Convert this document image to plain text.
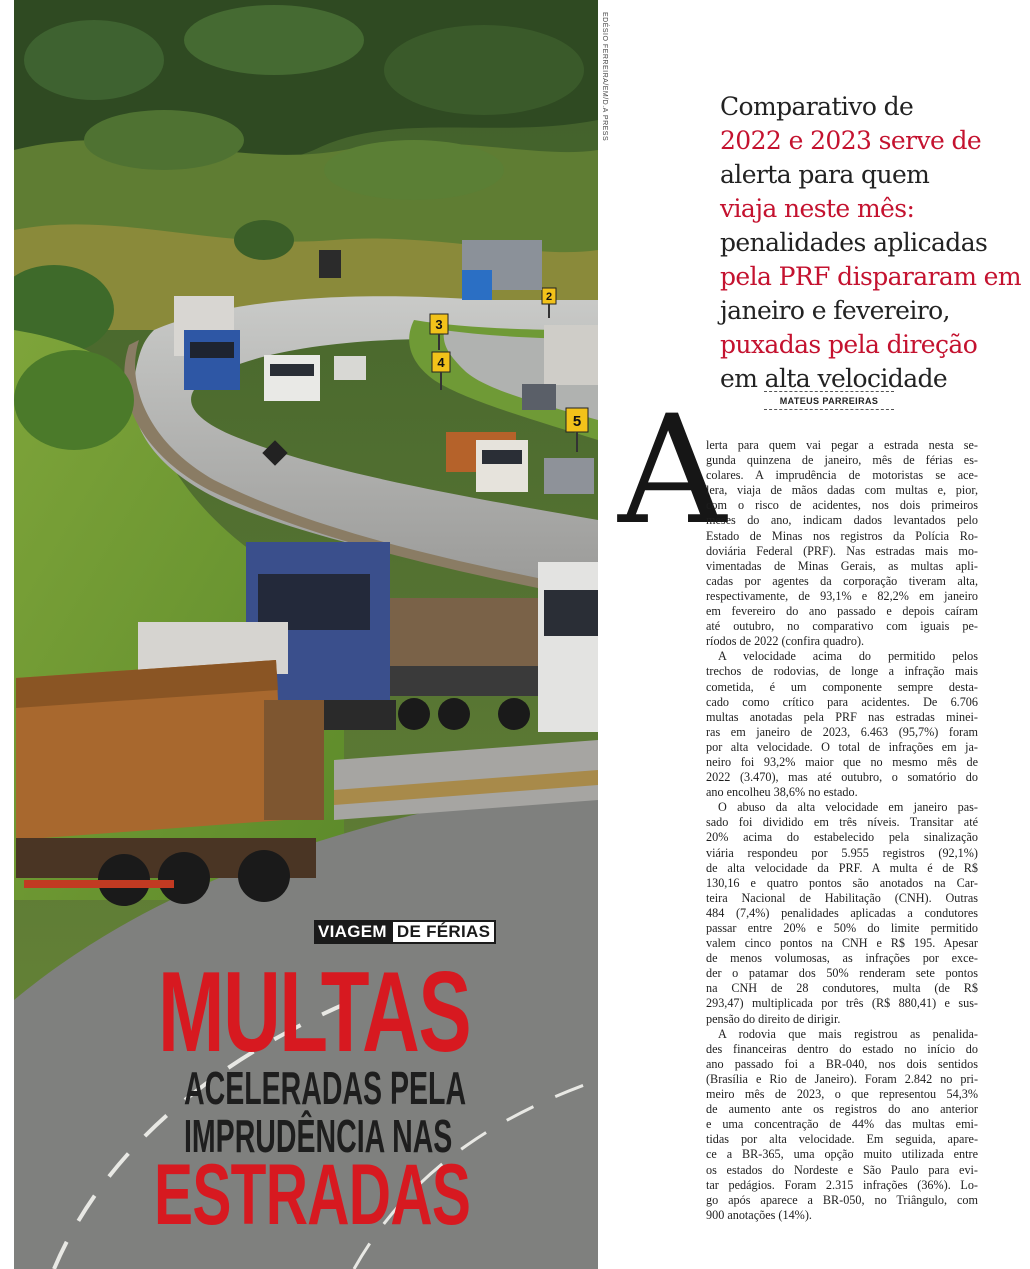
2
3
4
5
EDÉSIO FERREIRA/EM/D.A PRESS
VIAGEM DE FÉRIAS
MULTAS
ACELERADAS PELA
IMPRUDÊNCIA NAS
ESTRADAS
Comparativo de
2022 e 2023 serve de
alerta para quem
viaja neste mês:
penalidades aplicadas
pela PRF dispararam em
janeiro e fevereiro,
puxadas pela direção
em alta velocidade
MATEUS PARREIRAS
A

lerta para quem vai pegar a estrada nesta se-
gunda quinzena de janeiro, mês de férias es-
colares. A imprudência de motoristas se ace-
lera, viaja de mãos dadas com multas e, pior,
com o risco de acidentes, nos dois primeiros
meses do ano, indicam dados levantados pelo
Estado de Minas nos registros da Polícia Ro-
doviária Federal (PRF). Nas estradas mais mo-
vimentadas de Minas Gerais, as multas apli-
cadas por agentes da corporação tiveram alta,
respectivamente, de 93,1% e 82,2% em janeiro
em fevereiro do ano passado e depois caíram
até outubro, no comparativo com iguais pe-
ríodos de 2022 (confira quadro).

A velocidade acima do permitido pelos
trechos de rodovias, de longe a infração mais
cometida, é um componente sempre desta-
cado como crítico para acidentes. De 6.706
multas anotadas pela PRF nas estradas minei-
ras em janeiro de 2023, 6.463 (95,7%) foram
por alta velocidade. O total de infrações em ja-
neiro foi 93,2% maior que no mesmo mês de
2022 (3.470), mas até outubro, o somatório do
ano encolheu 38,6% no estado.

O abuso da alta velocidade em janeiro pas-
sado foi dividido em três níveis. Transitar até
20% acima do estabelecido pela sinalização
viária respondeu por 5.955 registros (92,1%)
de alta velocidade da PRF. A multa é de R$
130,16 e quatro pontos são anotados na Car-
teira Nacional de Habilitação (CNH). Outras
484 (7,4%) penalidades aplicadas a condutores
passar entre 20% e 50% do limite permitido
valem cinco pontos na CNH e R$ 195. Apesar
de menos volumosas, as infrações por exce-
der o patamar dos 50% renderam sete pontos
na CNH de 28 condutores, multa (de R$
293,47) multiplicada por três (R$ 880,41) e sus-
pensão do direito de dirigir.

A rodovia que mais registrou as penalida-
des financeiras dentro do estado no início do
ano passado foi a BR-040, nos dois sentidos
(Brasília e Rio de Janeiro). Foram 2.842 no pri-
meiro mês de 2023, o que representou 54,3%
de aumento ante os registros do ano anterior
e uma concentração de 44% das multas emi-
tidas por alta velocidade. Em seguida, apare-
ce a BR-365, uma opção muito utilizada entre
os estados do Nordeste e São Paulo para evi-
tar pedágios. Foram 2.315 infrações (36%). Lo-
go após aparece a BR-050, no Triângulo, com
900 anotações (14%).
